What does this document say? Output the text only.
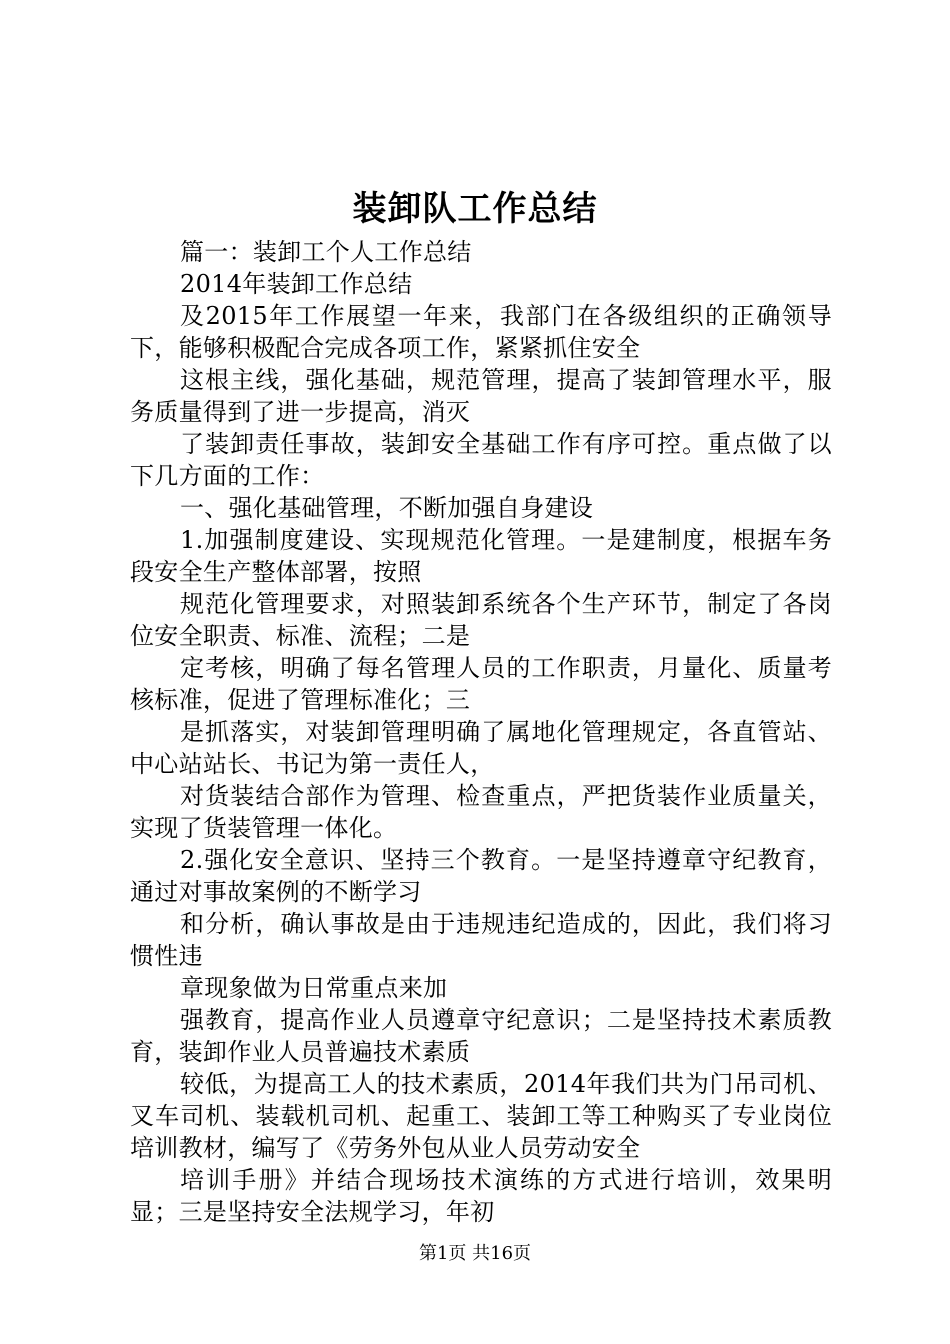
装卸队工作总结

篇一：装卸工个人工作总结

2014年装卸工作总结

及2015年工作展望一年来，我部门在各级组织的正确领导下，能够积极配合完成各项工作，紧紧抓住安全

这根主线，强化基础，规范管理，提高了装卸管理水平，服务质量得到了进一步提高，消灭

了装卸责任事故，装卸安全基础工作有序可控。重点做了以下几方面的工作：

一、强化基础管理，不断加强自身建设

1.加强制度建设、实现规范化管理。一是建制度，根据车务段安全生产整体部署，按照

规范化管理要求，对照装卸系统各个生产环节，制定了各岗位安全职责、标准、流程；二是

定考核，明确了每名管理人员的工作职责，月量化、质量考核标准，促进了管理标准化；三

是抓落实，对装卸管理明确了属地化管理规定，各直管站、中心站站长、书记为第一责任人，

对货装结合部作为管理、检查重点，严把货装作业质量关，实现了货装管理一体化。

2.强化安全意识、坚持三个教育。一是坚持遵章守纪教育，通过对事故案例的不断学习

和分析，确认事故是由于违规违纪造成的，因此，我们将习惯性违

章现象做为日常重点来加

强教育，提高作业人员遵章守纪意识；二是坚持技术素质教育，装卸作业人员普遍技术素质

较低，为提高工人的技术素质，2014年我们共为门吊司机、叉车司机、装载机司机、起重工、装卸工等工种购买了专业岗位培训教材，编写了《劳务外包从业人员劳动安全

培训手册》并结合现场技术演练的方式进行培训，效果明显；三是坚持安全法规学习，年初

第1页 共16页
